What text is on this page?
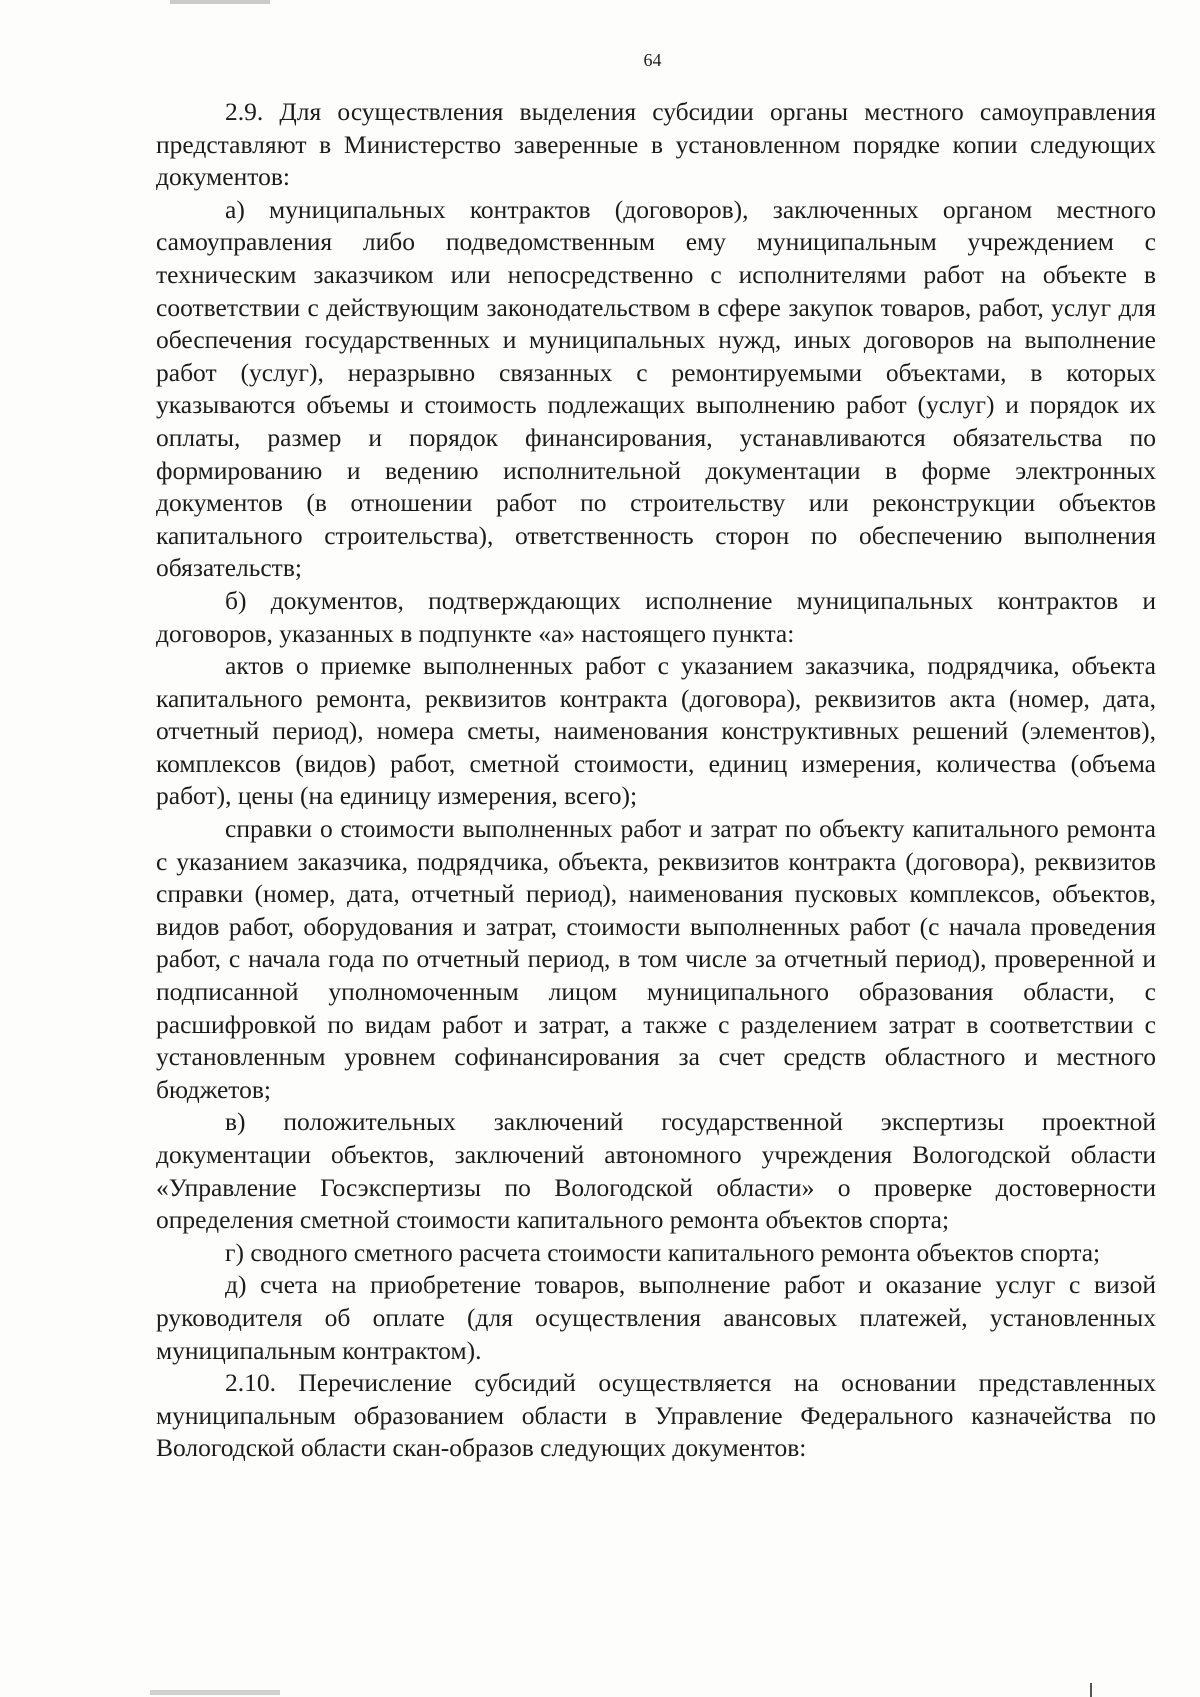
64

2.9. Для осуществления выделения субсидии органы местного самоуправления представляют в Министерство заверенные в установленном порядке копии следующих документов:

а) муниципальных контрактов (договоров), заключенных органом местного самоуправления либо подведомственным ему муниципальным учреждением с техническим заказчиком или непосредственно с исполнителями работ на объекте в соответствии с действующим законодательством в сфере закупок товаров, работ, услуг для обеспечения государственных и муниципальных нужд, иных договоров на выполнение работ (услуг), неразрывно связанных с ремонтируемыми объектами, в которых указываются объемы и стоимость подлежащих выполнению работ (услуг) и порядок их оплаты, размер и порядок финансирования, устанавливаются обязательства по формированию и ведению исполнительной документации в форме электронных документов (в отношении работ по строительству или реконструкции объектов капитального строительства), ответственность сторон по обеспечению выполнения обязательств;

б) документов, подтверждающих исполнение муниципальных контрактов и договоров, указанных в подпункте «а» настоящего пункта:

актов о приемке выполненных работ с указанием заказчика, подрядчика, объекта капитального ремонта, реквизитов контракта (договора), реквизитов акта (номер, дата, отчетный период), номера сметы, наименования конструктивных решений (элементов), комплексов (видов) работ, сметной стоимости, единиц измерения, количества (объема работ), цены (на единицу измерения, всего);

справки о стоимости выполненных работ и затрат по объекту капитального ремонта с указанием заказчика, подрядчика, объекта, реквизитов контракта (договора), реквизитов справки (номер, дата, отчетный период), наименования пусковых комплексов, объектов, видов работ, оборудования и затрат, стоимости выполненных работ (с начала проведения работ, с начала года по отчетный период, в том числе за отчетный период), проверенной и подписанной уполномоченным лицом муниципального образования области, с расшифровкой по видам работ и затрат, а также с разделением затрат в соответствии с установленным уровнем софинансирования за счет средств областного и местного бюджетов;

в) положительных заключений государственной экспертизы проектной документации объектов, заключений автономного учреждения Вологодской области «Управление Госэкспертизы по Вологодской области» о проверке достоверности определения сметной стоимости капитального ремонта объектов спорта;

г) сводного сметного расчета стоимости капитального ремонта объектов спорта;

д) счета на приобретение товаров, выполнение работ и оказание услуг с визой руководителя об оплате (для осуществления авансовых платежей, установленных муниципальным контрактом).

2.10. Перечисление субсидий осуществляется на основании представленных муниципальным образованием области в Управление Федерального казначейства по Вологодской области скан-образов следующих документов:
